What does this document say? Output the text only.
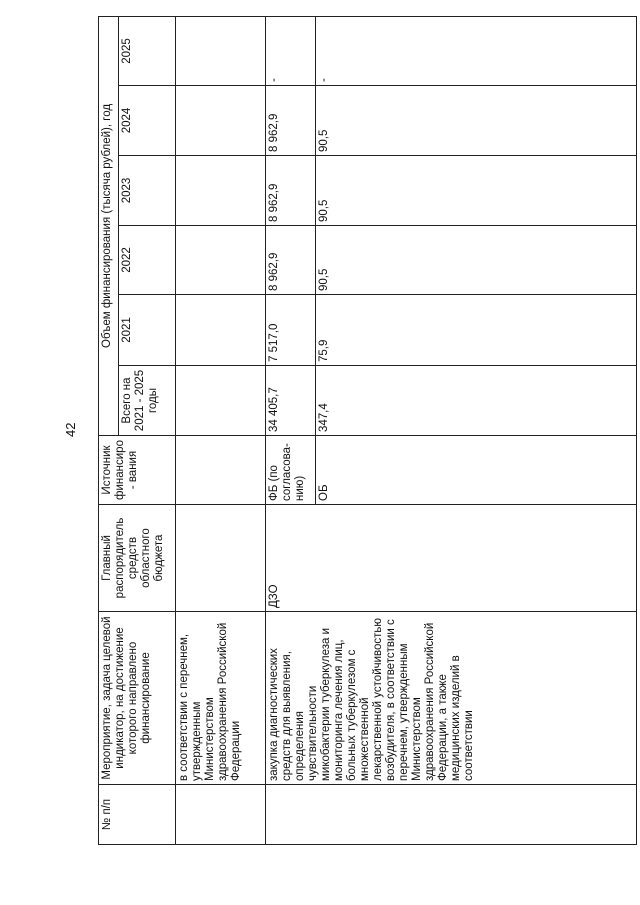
42
№ п/п	Мероприятие, задача целевой индикатор, на достижение которого направлено финансирование	Главный распорядитель средств областного бюджета	Источник финансиро- вания	Объем финансирования (тысяча рублей), год					
				Всего на 2021 - 2025 годы	2021	2022	2023	2024	2025
	в соответствии с перечнем, утвержденным Министерством здравоохранения Российской Федерации								
	закупка диагностических средств для выявления, определения чувствительности микобактерии туберкулеза и мониторинга лечения лиц, больных туберкулезом с множественной лекарственной устойчивостью возбудителя, в соответствии с перечнем, утвержденным Министерством здравоохранения Российской Федерации, а также медицинских изделий в соответствии	ДЗО	ФБ (по согласова- нию)	34 405,7	7 517,0	8 962,9	8 962,9	8 962,9	-
			ОБ	347,4	75,9	90,5	90,5	90,5	-
